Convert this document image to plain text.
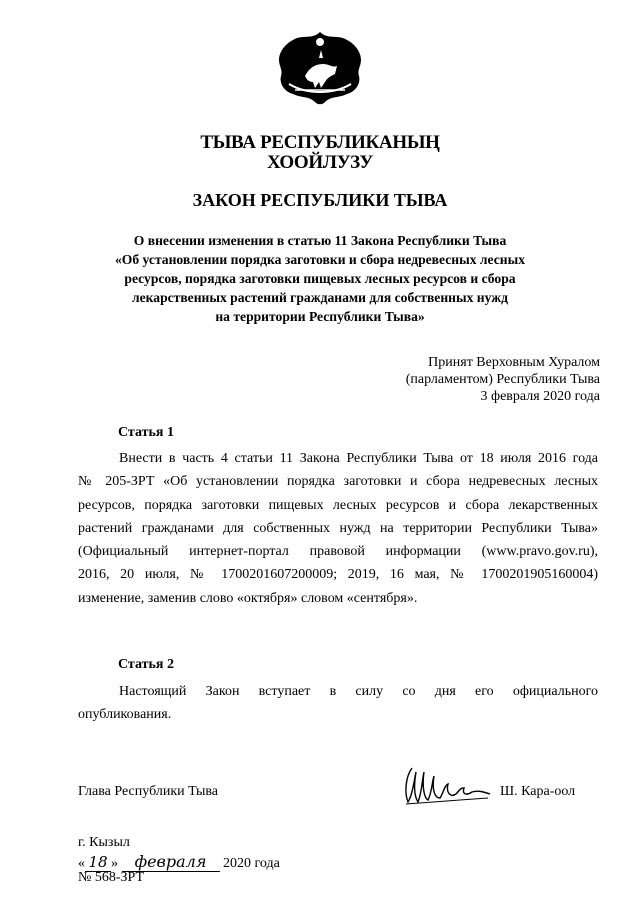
ТЫВА РЕСПУБЛИКАНЫҢ
ХООЙЛУЗУ
ЗАКОН РЕСПУБЛИКИ ТЫВА
О внесении изменения в статью 11 Закона Республики Тыва
«Об установлении порядка заготовки и сбора недревесных лесных
ресурсов, порядка заготовки пищевых лесных ресурсов и сбора
лекарственных растений гражданами для собственных нужд
на территории Республики Тыва»
Принят Верховным Хуралом
(парламентом) Республики Тыва
3 февраля 2020 года
Статья 1
Внести в часть 4 статьи 11 Закона Республики Тыва от 18 июля 2016 года
№ 205-ЗРТ «Об установлении порядка заготовки и сбора недревесных лесных
ресурсов, порядка заготовки пищевых лесных ресурсов и сбора лекарственных
растений гражданами для собственных нужд на территории Республики Тыва»
(Официальный интернет-портал правовой информации (www.pravo.gov.ru),
2016, 20 июля, № 1700201607200009; 2019, 16 мая, № 1700201905160004)
изменение, заменив слово «октября» словом «сентября».
Статья 2
Настоящий Закон вступает в силу со дня его официального
опубликования.
Глава Республики Тыва	Ш. Кара-оол
г. Кызыл
« 18 » февраля 2020 года
№ 568-ЗРТ
